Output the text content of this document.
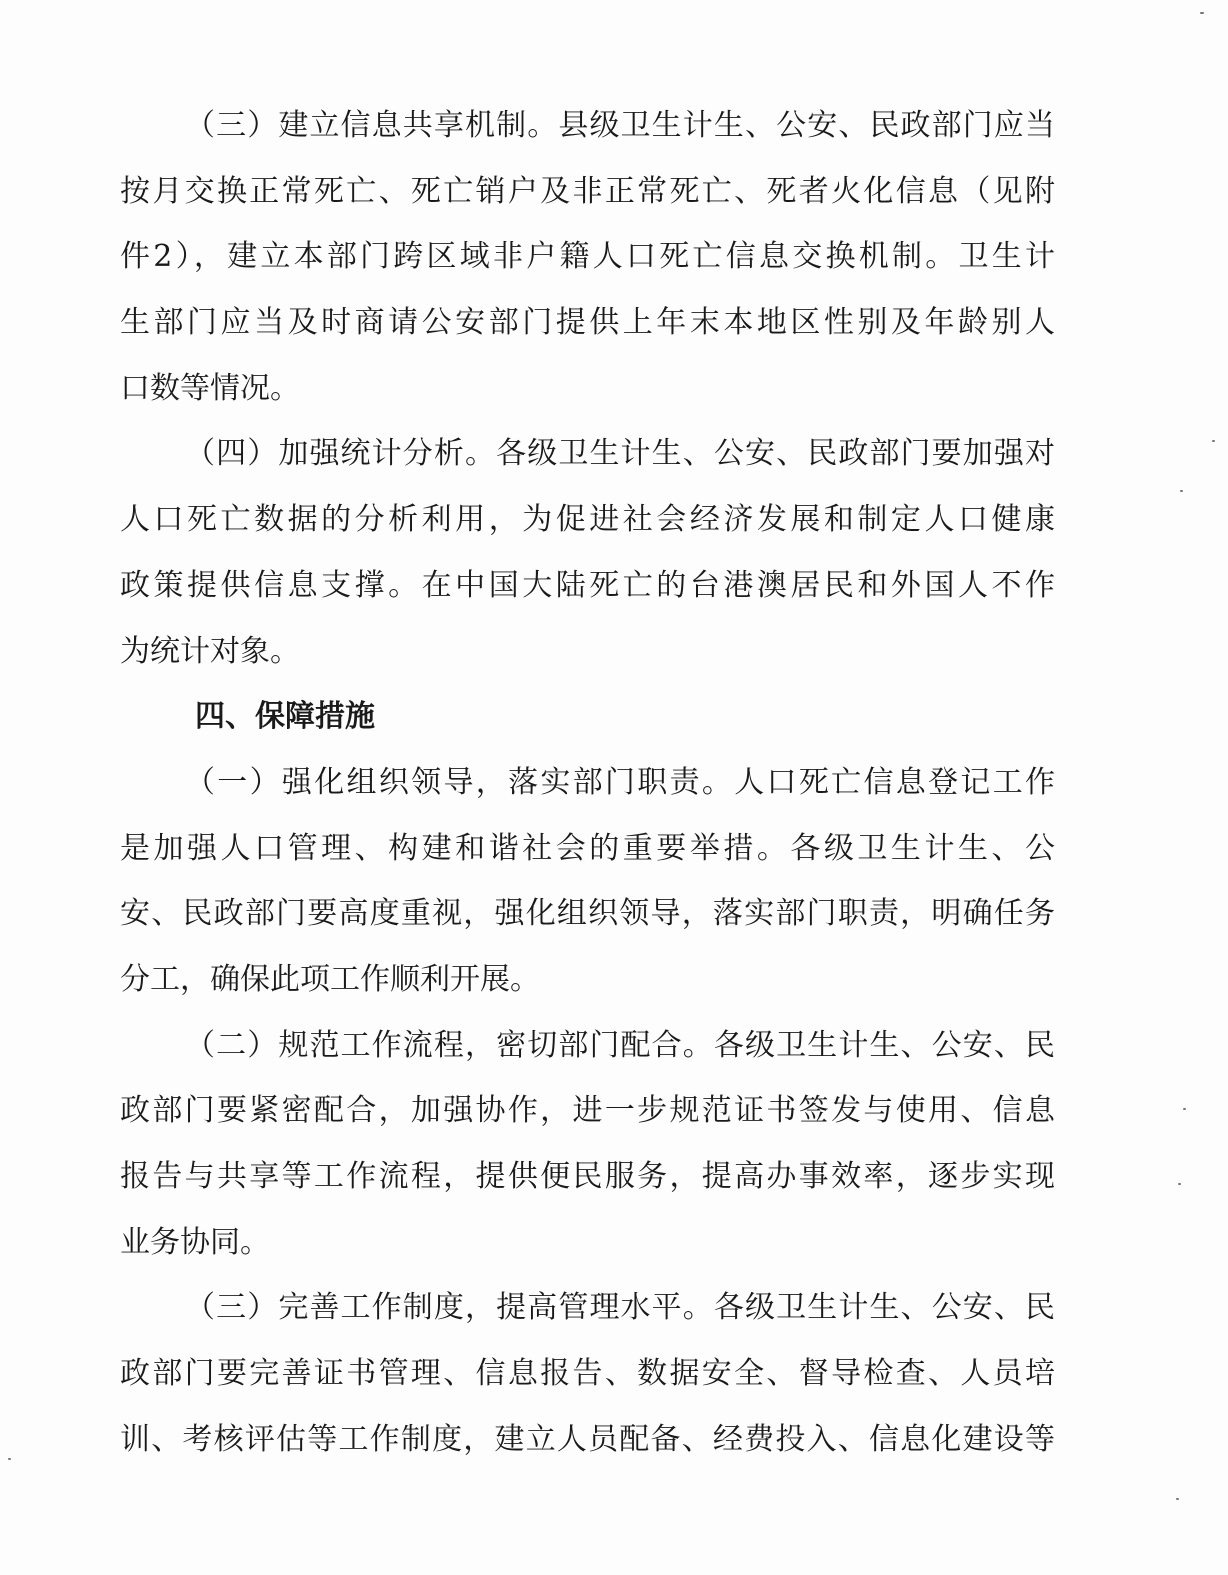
（三）建立信息共享机制。县级卫生计生、公安、民政部门应当
按月交换正常死亡、死亡销户及非正常死亡、死者火化信息（见附
件2），建立本部门跨区域非户籍人口死亡信息交换机制。卫生计
生部门应当及时商请公安部门提供上年末本地区性别及年龄别人
口数等情况。
（四）加强统计分析。各级卫生计生、公安、民政部门要加强对
人口死亡数据的分析利用，为促进社会经济发展和制定人口健康
政策提供信息支撑。在中国大陆死亡的台港澳居民和外国人不作
为统计对象。
四、保障措施
（一）强化组织领导，落实部门职责。人口死亡信息登记工作
是加强人口管理、构建和谐社会的重要举措。各级卫生计生、公
安、民政部门要高度重视，强化组织领导，落实部门职责，明确任务
分工，确保此项工作顺利开展。
（二）规范工作流程，密切部门配合。各级卫生计生、公安、民
政部门要紧密配合，加强协作，进一步规范证书签发与使用、信息
报告与共享等工作流程，提供便民服务，提高办事效率，逐步实现
业务协同。
（三）完善工作制度，提高管理水平。各级卫生计生、公安、民
政部门要完善证书管理、信息报告、数据安全、督导检查、人员培
训、考核评估等工作制度，建立人员配备、经费投入、信息化建设等
